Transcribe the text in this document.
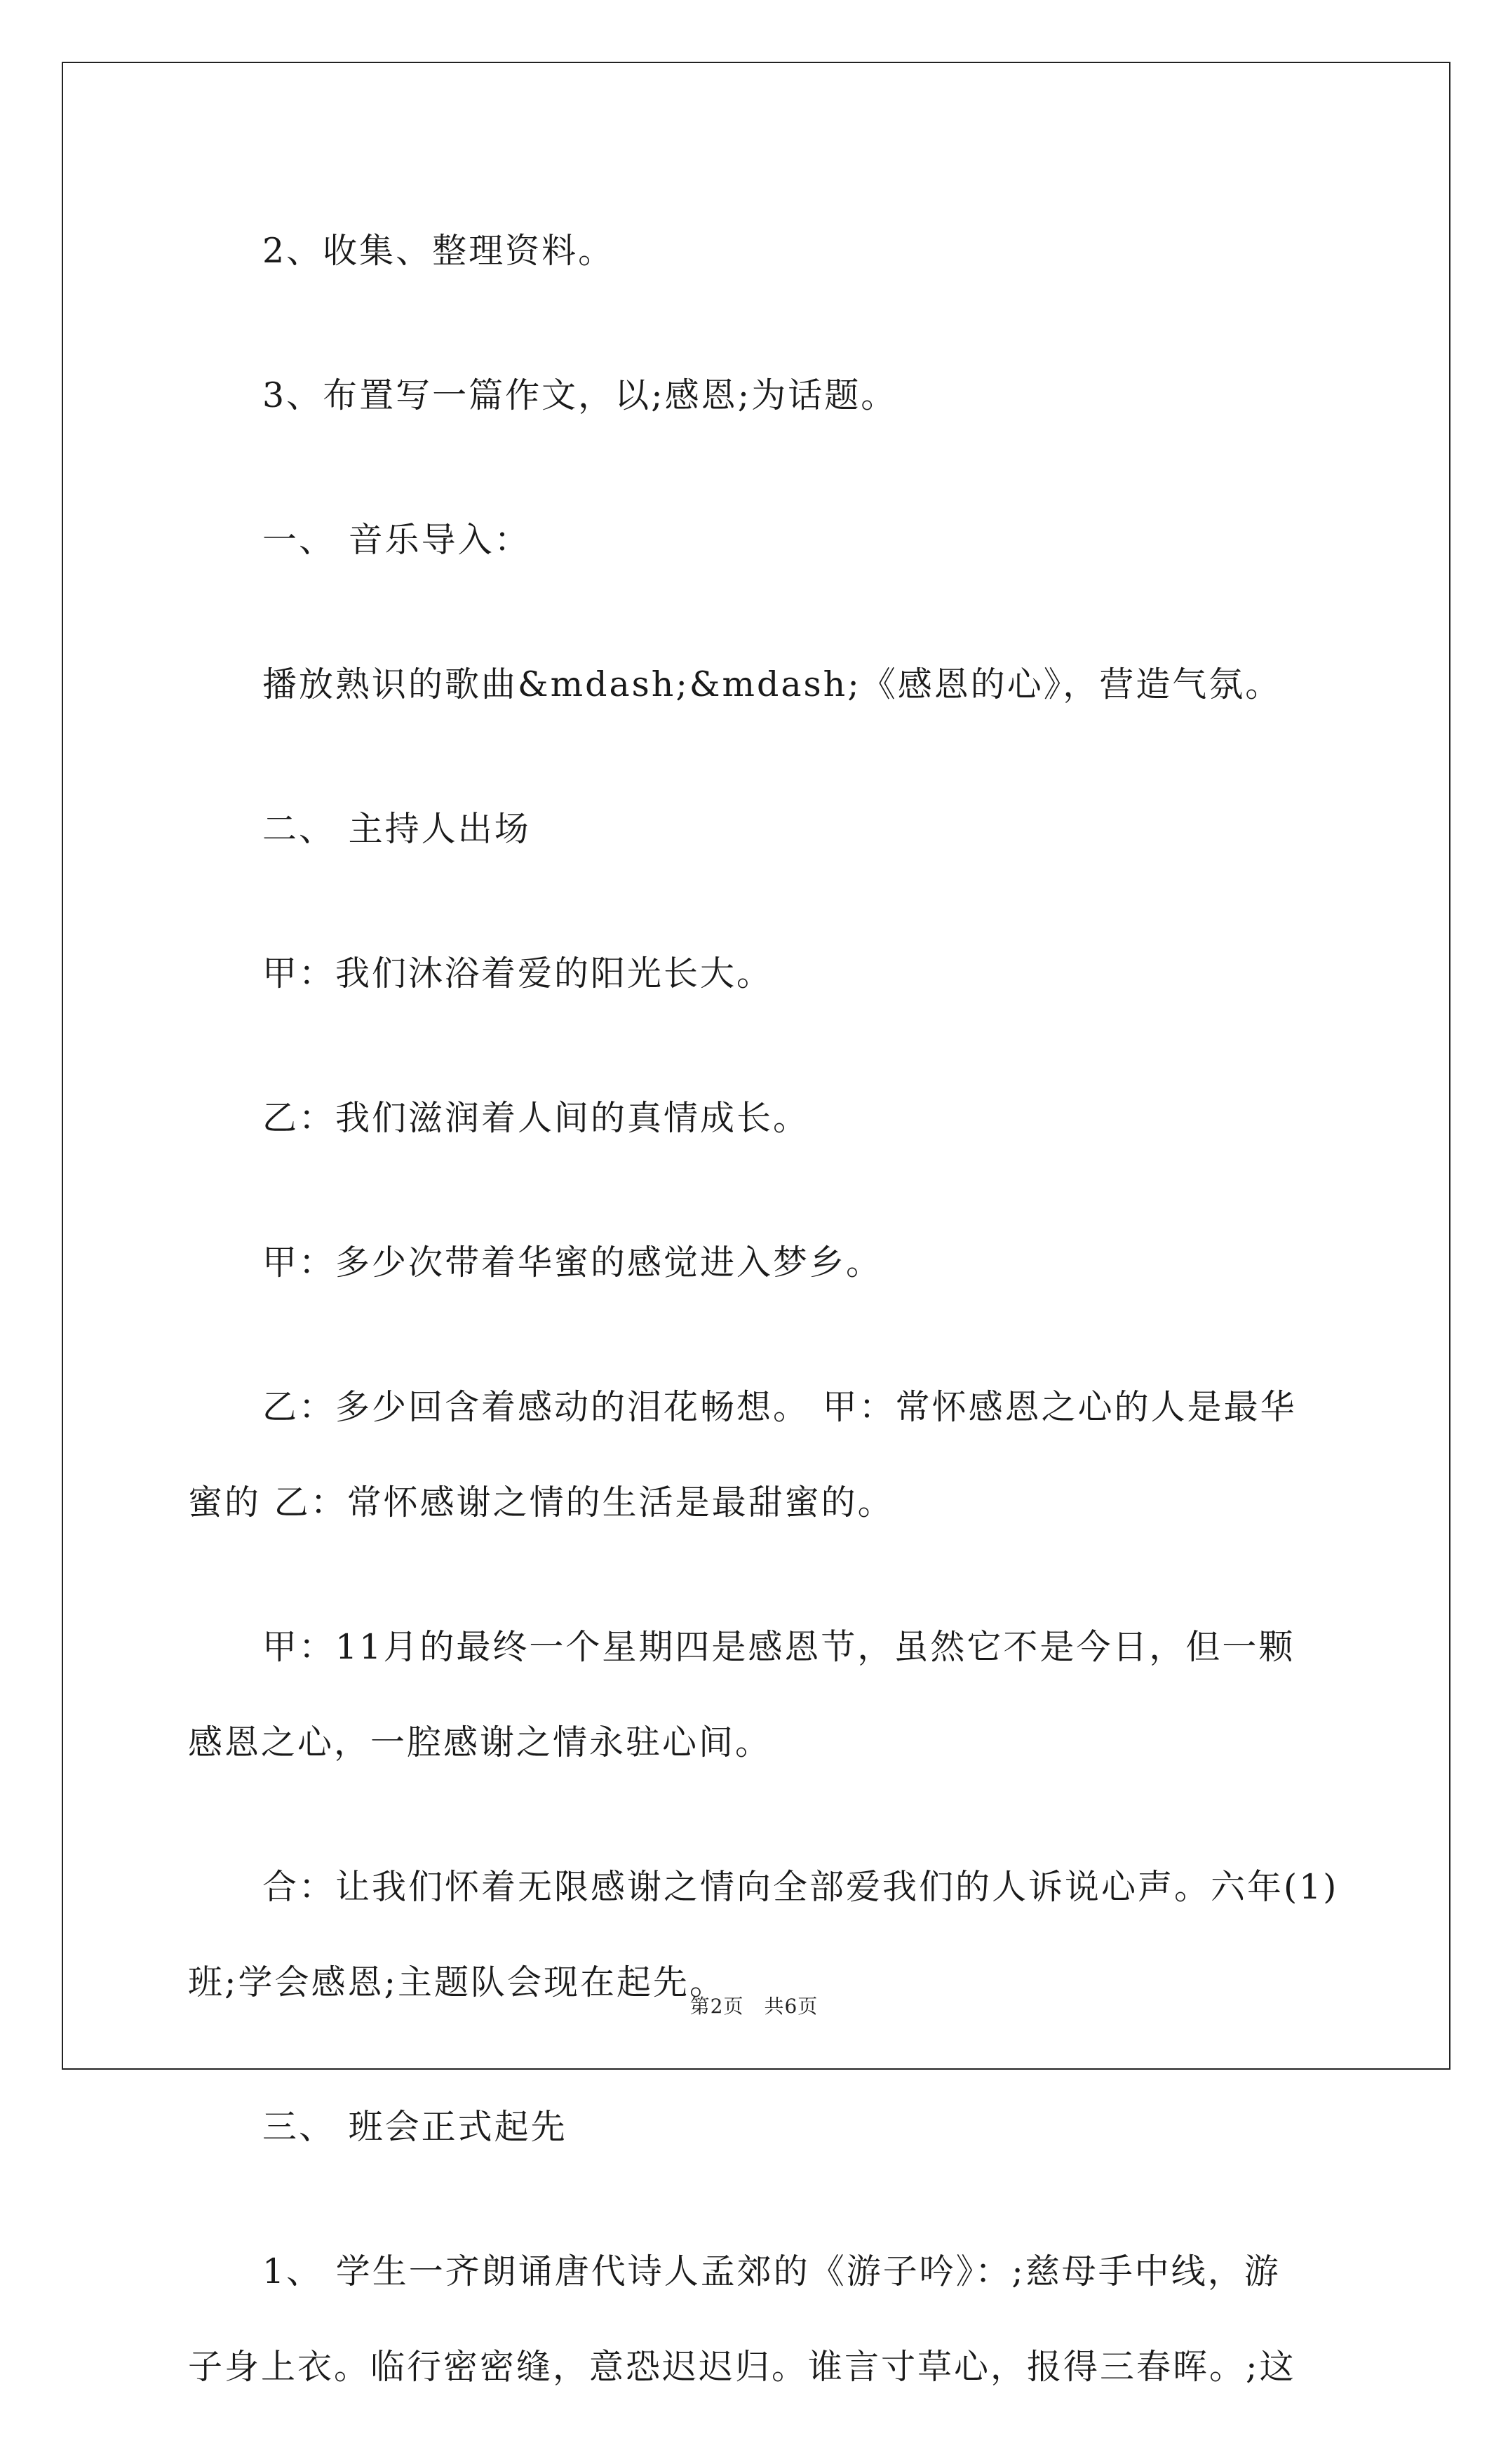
2、收集、整理资料。

3、布置写一篇作文，以;感恩;为话题。

一、 音乐导入：

播放熟识的歌曲&mdash;&mdash;《感恩的心》，营造气氛。

二、 主持人出场

甲：我们沐浴着爱的阳光长大。

乙：我们滋润着人间的真情成长。

甲：多少次带着华蜜的感觉进入梦乡。

乙：多少回含着感动的泪花畅想。 甲：常怀感恩之心的人是最华
蜜的 乙：常怀感谢之情的生活是最甜蜜的。

甲：11月的最终一个星期四是感恩节，虽然它不是今日，但一颗
感恩之心，一腔感谢之情永驻心间。

合：让我们怀着无限感谢之情向全部爱我们的人诉说心声。六年(1)
班;学会感恩;主题队会现在起先。

三、 班会正式起先

1、 学生一齐朗诵唐代诗人孟郊的《游子吟》：;慈母手中线，游
子身上衣。临行密密缝，意恐迟迟归。谁言寸草心，报得三春晖。;这

第2页　共6页
